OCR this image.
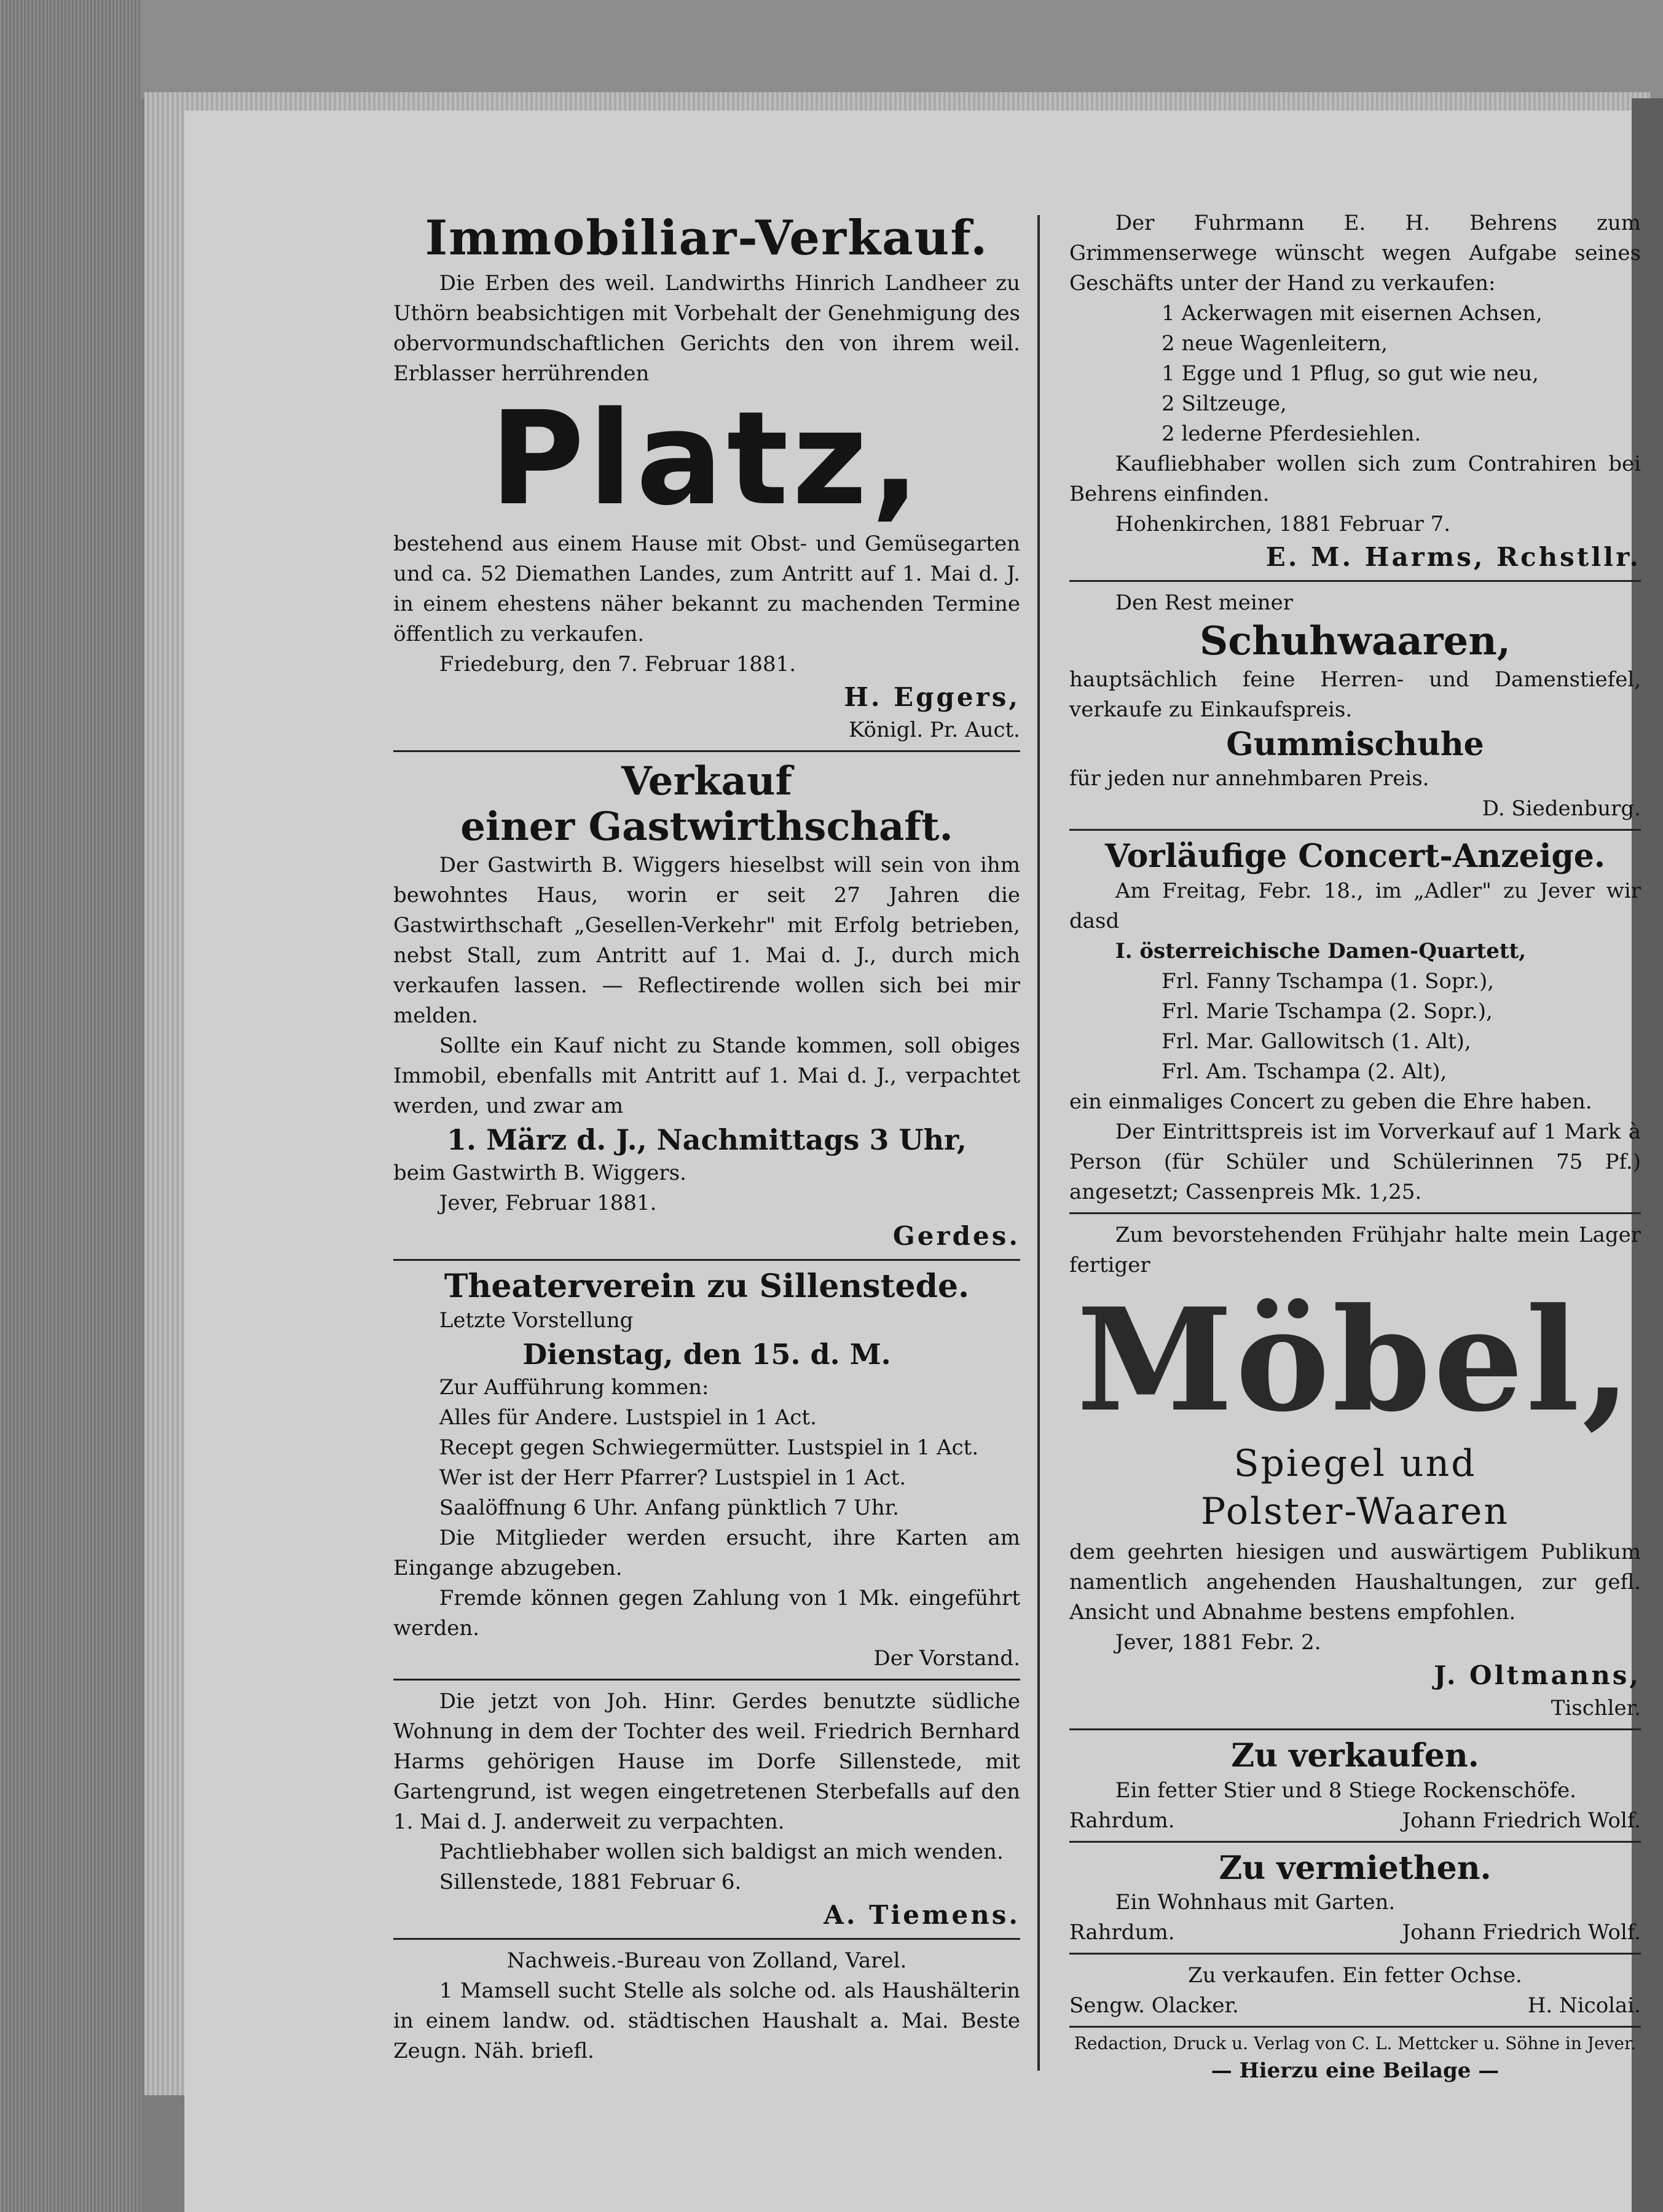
Immobiliar-Verkauf.

Die Erben des weil. Landwirths Hinrich Landheer zu Uthörn beabsichtigen mit Vorbehalt der Genehmigung des obervormundschaftlichen Gerichts den von ihrem weil. Erblasser herrührenden

Platz,

bestehend aus einem Hause mit Obst- und Gemüsegarten und ca. 52 Diemathen Landes, zum Antritt auf 1. Mai d. J. in einem ehestens näher bekannt zu machenden Termine öffentlich zu verkaufen.

Friedeburg, den 7. Februar 1881.

H. Eggers,

Königl. Pr. Auct.

Verkauf
einer Gastwirthschaft.

Der Gastwirth B. Wiggers hieselbst will sein von ihm bewohntes Haus, worin er seit 27 Jahren die Gastwirthschaft „Gesellen-Verkehr" mit Erfolg betrieben, nebst Stall, zum Antritt auf 1. Mai d. J., durch mich verkaufen lassen. — Reflectirende wollen sich bei mir melden.

Sollte ein Kauf nicht zu Stande kommen, soll obiges Immobil, ebenfalls mit Antritt auf 1. Mai d. J., verpachtet werden, und zwar am

1. März d. J., Nachmittags 3 Uhr,

beim Gastwirth B. Wiggers.

Jever, Februar 1881.

Gerdes.
Theaterverein zu Sillenstede.

Letzte Vorstellung

Dienstag, den 15. d. M.

Zur Aufführung kommen:

Alles für Andere. Lustspiel in 1 Act.

Recept gegen Schwiegermütter. Lustspiel in 1 Act.

Wer ist der Herr Pfarrer? Lustspiel in 1 Act.

Saalöffnung 6 Uhr. Anfang pünktlich 7 Uhr.

Die Mitglieder werden ersucht, ihre Karten am Eingange abzugeben.

Fremde können gegen Zahlung von 1 Mk. eingeführt werden.

Der Vorstand.

Die jetzt von Joh. Hinr. Gerdes benutzte südliche Wohnung in dem der Tochter des weil. Friedrich Bernhard Harms gehörigen Hause im Dorfe Sillenstede, mit Gartengrund, ist wegen eingetretenen Sterbefalls auf den 1. Mai d. J. anderweit zu verpachten.

Pachtliebhaber wollen sich baldigst an mich wenden.

Sillenstede, 1881 Februar 6.

A. Tiemens.

Nachweis.-Bureau von Zolland, Varel.

1 Mamsell sucht Stelle als solche od. als Haushälterin in einem landw. od. städtischen Haushalt a. Mai. Beste Zeugn. Näh. briefl.

Der Fuhrmann E. H. Behrens zum Grimmenserwege wünscht wegen Aufgabe seines Geschäfts unter der Hand zu verkaufen:

1 Ackerwagen mit eisernen Achsen,

2 neue Wagenleitern,

1 Egge und 1 Pflug, so gut wie neu,

2 Siltzeuge,

2 lederne Pferdesiehlen.

Kaufliebhaber wollen sich zum Contrahiren bei Behrens einfinden.

Hohenkirchen, 1881 Februar 7.

E. M. Harms, Rchstllr.

Den Rest meiner

Schuhwaaren,

hauptsächlich feine Herren- und Damenstiefel, verkaufe zu Einkaufspreis.

Gummischuhe

für jeden nur annehmbaren Preis.

D. Siedenburg.

Vorläufige Concert-Anzeige.

Am Freitag, Febr. 18., im „Adler" zu Jever wir dasd

I. österreichische Damen-Quartett,

Frl. Fanny Tschampa (1. Sopr.),

Frl. Marie Tschampa (2. Sopr.),

Frl. Mar. Gallowitsch (1. Alt),

Frl. Am. Tschampa (2. Alt),

ein einmaliges Concert zu geben die Ehre haben.

Der Eintrittspreis ist im Vorverkauf auf 1 Mark à Person (für Schüler und Schülerinnen 75 Pf.) angesetzt; Cassenpreis Mk. 1,25.

Zum bevorstehenden Frühjahr halte mein Lager fertiger

Möbel,
Spiegel und
Polster-Waaren

dem geehrten hiesigen und auswärtigem Publikum namentlich angehenden Haushaltungen, zur gefl. Ansicht und Abnahme bestens empfohlen.

Jever, 1881 Febr. 2.

J. Oltmanns,

Tischler.

Zu verkaufen.

Ein fetter Stier und 8 Stiege Rockenschöfe.

Rahrdum.	Johann Friedrich Wolf.

Zu vermiethen.

Ein Wohnhaus mit Garten.

Rahrdum.	Johann Friedrich Wolf.

Zu verkaufen. Ein fetter Ochse.

Sengw. Olacker.	H. Nicolai.

Redaction, Druck u. Verlag von C. L. Mettcker u. Söhne in Jever.

— Hierzu eine Beilage —
